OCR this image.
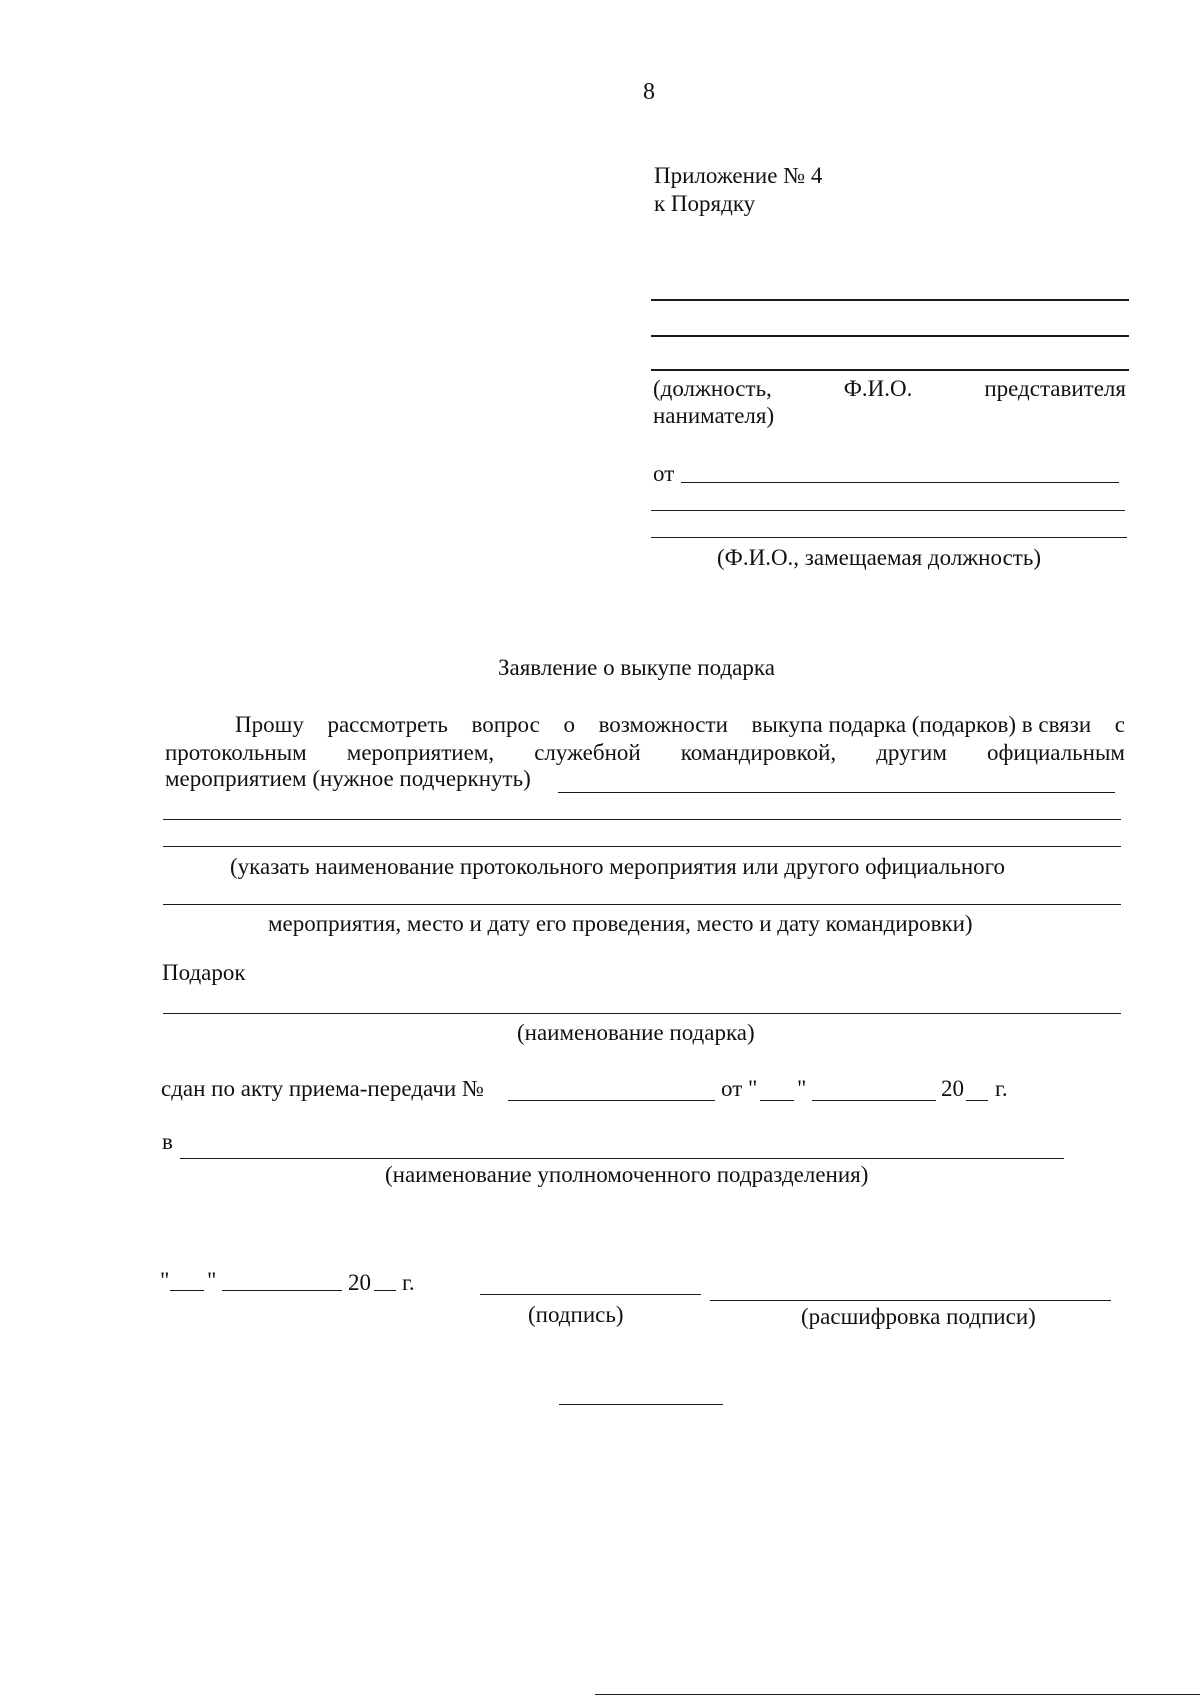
8
Приложение № 4
к Порядку
(должность,	Ф.И.О.	представителя
нанимателя)
от
(Ф.И.О., замещаемая должность)
Заявление о выкупе подарка
Прошу рассмотреть вопрос о возможности выкупа подарка (подарков) в связи с
протокольным мероприятием, служебной командировкой, другим официальным
мероприятием (нужное подчеркнуть)
(указать наименование протокольного мероприятия или другого официального
мероприятия, место и дату его проведения, место и дату командировки)
Подарок
(наименование подарка)
сдан по акту приема-передачи №	от " "	20 г.
в
(наименование уполномоченного подразделения)
" "	20 г.
(подпись)	(расшифровка подписи)
